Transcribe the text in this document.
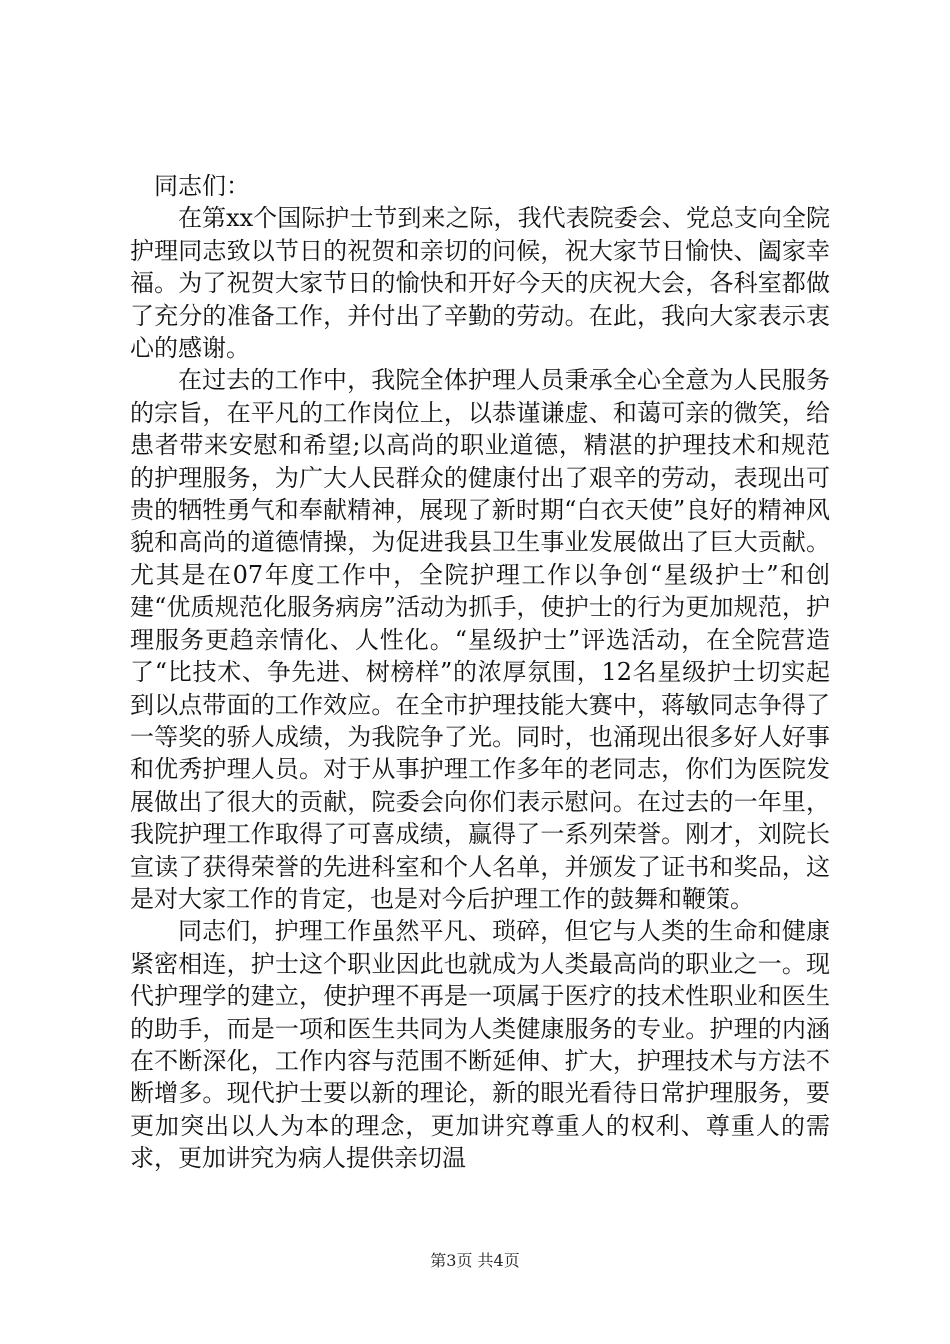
同志们：

在第xx个国际护士节到来之际，我代表院委会、党总支向全院护理同志致以节日的祝贺和亲切的问候，祝大家节日愉快、阖家幸福。为了祝贺大家节日的愉快和开好今天的庆祝大会，各科室都做了充分的准备工作，并付出了辛勤的劳动。在此，我向大家表示衷心的感谢。

在过去的工作中，我院全体护理人员秉承全心全意为人民服务的宗旨，在平凡的工作岗位上，以恭谨谦虚、和蔼可亲的微笑，给患者带来安慰和希望;以高尚的职业道德，精湛的护理技术和规范的护理服务，为广大人民群众的健康付出了艰辛的劳动，表现出可贵的牺牲勇气和奉献精神，展现了新时期“白衣天使”良好的精神风貌和高尚的道德情操，为促进我县卫生事业发展做出了巨大贡献。尤其是在07年度工作中，全院护理工作以争创“星级护士”和创建“优质规范化服务病房”活动为抓手，使护士的行为更加规范，护理服务更趋亲情化、人性化。“星级护士”评选活动，在全院营造了“比技术、争先进、树榜样”的浓厚氛围，12名星级护士切实起到以点带面的工作效应。在全市护理技能大赛中，蒋敏同志争得了一等奖的骄人成绩，为我院争了光。同时，也涌现出很多好人好事和优秀护理人员。对于从事护理工作多年的老同志，你们为医院发展做出了很大的贡献，院委会向你们表示慰问。在过去的一年里，我院护理工作取得了可喜成绩，赢得了一系列荣誉。刚才，刘院长宣读了获得荣誉的先进科室和个人名单，并颁发了证书和奖品，这是对大家工作的肯定，也是对今后护理工作的鼓舞和鞭策。

同志们，护理工作虽然平凡、琐碎，但它与人类的生命和健康紧密相连，护士这个职业因此也就成为人类最高尚的职业之一。现代护理学的建立，使护理不再是一项属于医疗的技术性职业和医生的助手，而是一项和医生共同为人类健康服务的专业。护理的内涵在不断深化，工作内容与范围不断延伸、扩大，护理技术与方法不断增多。现代护士要以新的理论，新的眼光看待日常护理服务，要更加突出以人为本的理念，更加讲究尊重人的权利、尊重人的需求，更加讲究为病人提供亲切温

第3页 共4页
